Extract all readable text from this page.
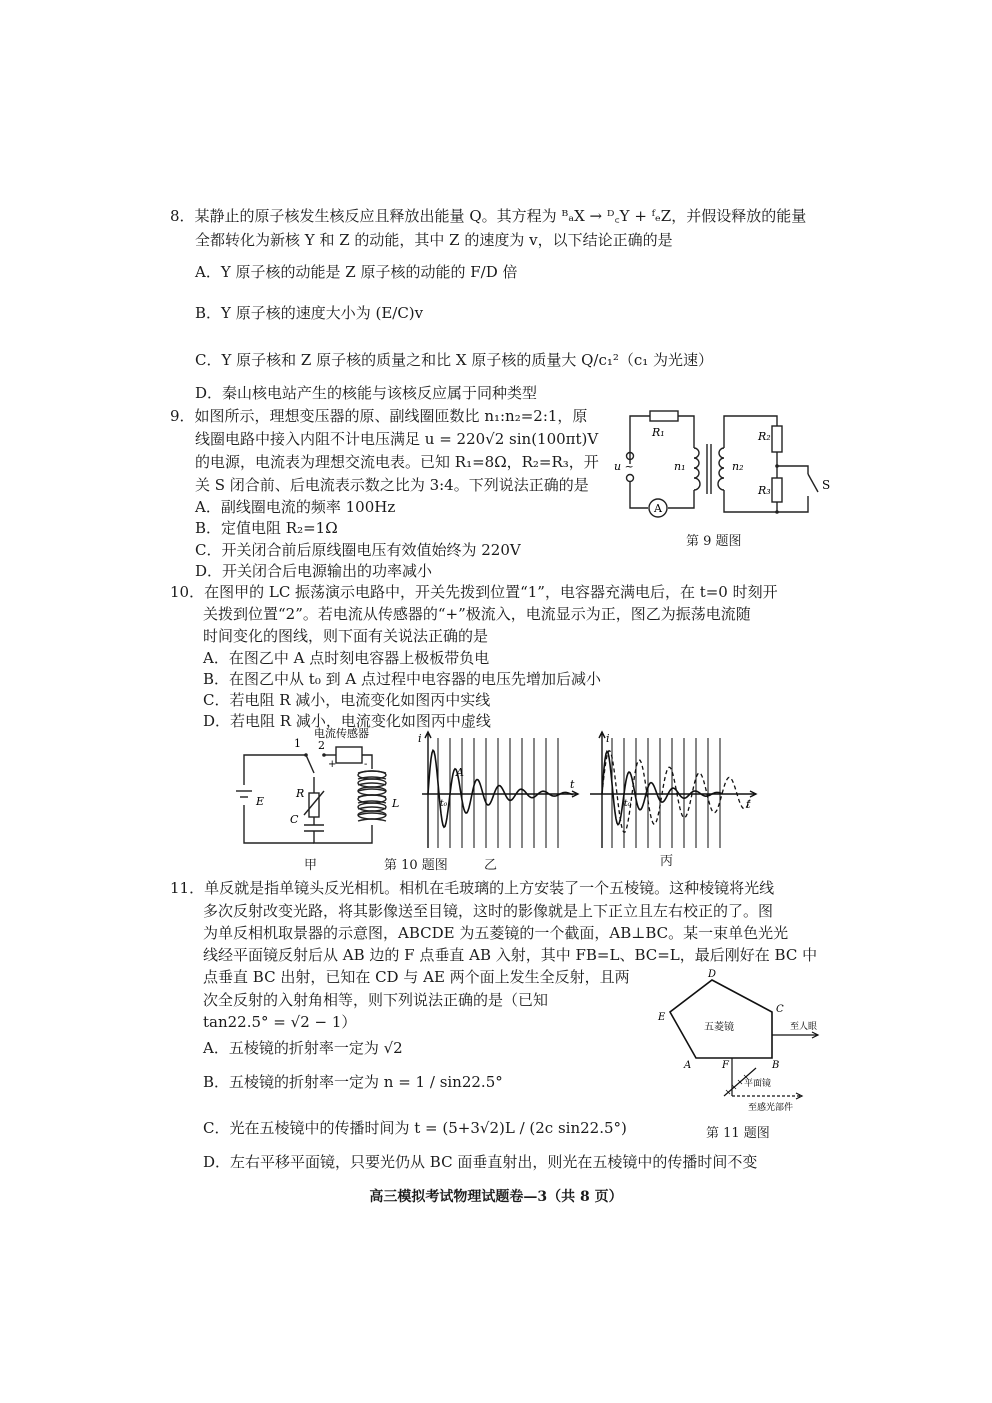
8．某静止的原子核发生核反应且释放出能量 Q。其方程为 ᴮₐX → ᴰ꜀Y + ᶠₑZ，并假设释放的能量
全都转化为新核 Y 和 Z 的动能，其中 Z 的速度为 v，以下结论正确的是
A．Y 原子核的动能是 Z 原子核的动能的 F/D 倍
B．Y 原子核的速度大小为 (E/C)v
C．Y 原子核和 Z 原子核的质量之和比 X 原子核的质量大 Q/c₁²（c₁ 为光速）
D．秦山核电站产生的核能与该核反应属于同种类型
9．如图所示，理想变压器的原、副线圈匝数比 n₁:n₂=2:1，原
线圈电路中接入内阻不计电压满足 u = 220√2 sin(100πt)V
的电源，电流表为理想交流电表。已知 R₁=8Ω，R₂=R₃，开
关 S 闭合前、后电流表示数之比为 3:4。下列说法正确的是
A．副线圈电流的频率 100Hz
B．定值电阻 R₂=1Ω
C．开关闭合前后原线圈电压有效值始终为 220V
D．开关闭合后电源输出的功率减小
A
R₁	R₂
R₃
n₁	n₂
u ~
S
第 9 题图
10．在图甲的 LC 振荡演示电路中，开关先拨到位置“1”，电容器充满电后，在 t=0 时刻开
关拨到位置“2”。若电流从传感器的“+”极流入，电流显示为正，图乙为振荡电流随
时间变化的图线，则下面有关说法正确的是
A．在图乙中 A 点时刻电容器上极板带负电
B．在图乙中从 t₀ 到 A 点过程中电容器的电压先增加后减小
C．若电阻 R 减小，电流变化如图丙中实线
D．若电阻 R 减小，电流变化如图丙中虚线
电流传感器
1 2
+	-
E
R
C
L
甲
i
t
A
t₀
第 10 题图	乙
i
t
t₀
丙
11．单反就是指单镜头反光相机。相机在毛玻璃的上方安装了一个五棱镜。这种棱镜将光线
多次反射改变光路，将其影像送至目镜，这时的影像就是上下正立且左右校正的了。图
为单反相机取景器的示意图，ABCDE 为五菱镜的一个截面，AB⊥BC。某一束单色光光
线经平面镜反射后从 AB 边的 F 点垂直 AB 入射，其中 FB=L、BC=L，最后刚好在 BC 中
点垂直 BC 出射，已知在 CD 与 AE 两个面上发生全反射，且两
次全反射的入射角相等，则下列说法正确的是（已知
tan22.5° = √2 − 1）
A．五棱镜的折射率一定为 √2
B．五棱镜的折射率一定为 n = 1 / sin22.5°
C．光在五棱镜中的传播时间为 t = (5+3√2)L / (2c sin22.5°)
D．左右平移平面镜，只要光仍从 BC 面垂直射出，则光在五棱镜中的传播时间不变
D
C
E
A	F	B
五菱镜	至人眼
平面镜
至感光部件
第 11 题图
高三模拟考试物理试题卷—3（共 8 页）
